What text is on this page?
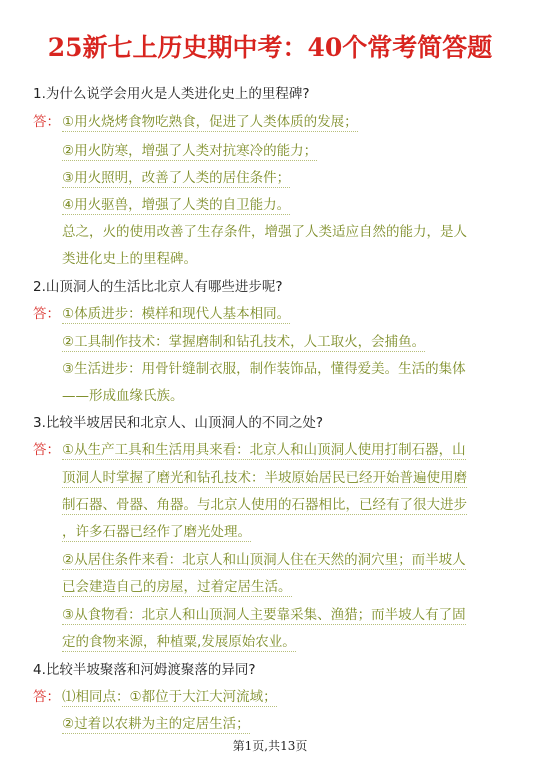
25新七上历史期中考：40个常考简答题
1.为什么说学会用火是人类进化史上的里程碑?
答： ①用火烧烤食物吃熟食，促进了人类体质的发展；
②用火防寒，增强了人类对抗寒冷的能力；
③用火照明，改善了人类的居住条件；
④用火驱兽，增强了人类的自卫能力。
总之，火的使用改善了生存条件，增强了人类适应自然的能力，是人
类进化史上的里程碑。
2.山顶洞人的生活比北京人有哪些进步呢?
答： ①体质进步：模样和现代人基本相同。
②工具制作技术：掌握磨制和钻孔技术，人工取火，会捕鱼。
③生活进步：用骨针缝制衣服，制作装饰品，懂得爱美。生活的集体
——形成血缘氏族。
3.比较半坡居民和北京人、山顶洞人的不同之处?
答： ①从生产工具和生活用具来看：北京人和山顶洞人使用打制石器，山
顶洞人时掌握了磨光和钻孔技术：半坡原始居民已经开始普遍使用磨
制石器、骨器、角器。与北京人使用的石器相比，已经有了很大进步
，许多石器已经作了磨光处理。
②从居住条件来看：北京人和山顶洞人住在天然的洞穴里；而半坡人
已会建造自己的房屋，过着定居生活。
③从食物看：北京人和山顶洞人主要靠采集、渔猎；而半坡人有了固
定的食物来源，种植粟,发展原始农业。
4.比较半坡聚落和河姆渡聚落的异同?
答： ⑴相同点：①都位于大江大河流域；
②过着以农耕为主的定居生活；
第1页,共13页
